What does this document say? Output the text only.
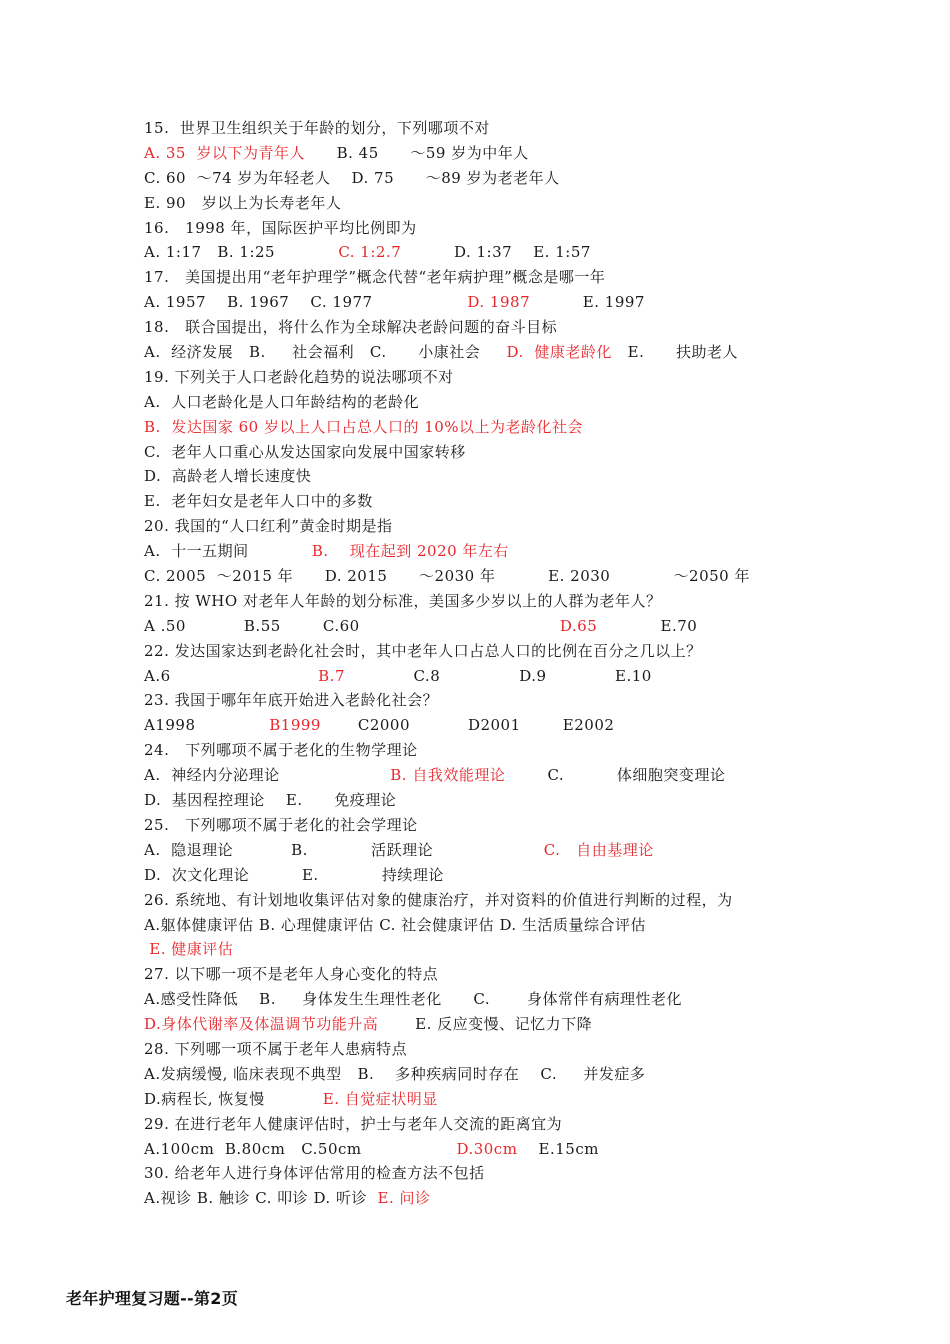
15.  世界卫生组织关于年龄的划分，下列哪项不对
A. 35  岁以下为青年人      B. 45      ～59 岁为中年人
C. 60  ～74 岁为年轻老人    D. 75      ～89 岁为老老年人
E. 90   岁以上为长寿老年人
16.   1998 年，国际医护平均比例即为
A. 1:17   B. 1:25            C. 1:2.7          D. 1:37    E. 1:57
17.   美国提出用“老年护理学”概念代替“老年病护理”概念是哪一年
A. 1957    B. 1967    C. 1977                  D. 1987          E. 1997
18.   联合国提出，将什么作为全球解决老龄问题的奋斗目标
A.  经济发展   B.     社会福利   C.      小康社会     D.  健康老龄化   E.      扶助老人
19. 下列关于人口老龄化趋势的说法哪项不对
A.  人口老龄化是人口年龄结构的老龄化
B.  发达国家 60 岁以上人口占总人口的 10%以上为老龄化社会
C.  老年人口重心从发达国家向发展中国家转移
D.  高龄老人增长速度快
E.  老年妇女是老年人口中的多数
20. 我国的“人口红利”黄金时期是指
A.  十一五期间            B.    现在起到 2020 年左右
C. 2005  ～2015 年      D. 2015      ～2030 年          E. 2030            ～2050 年
21. 按 WHO 对老年人年龄的划分标准，美国多少岁以上的人群为老年人？
A .50           B.55        C.60                                      D.65            E.70
22. 发达国家达到老龄化社会时，其中老年人口占总人口的比例在百分之几以上？
A.6                            B.7             C.8               D.9             E.10
23. 我国于哪年年底开始进入老龄化社会？
A1998              B1999       C2000           D2001        E2002
24.   下列哪项不属于老化的生物学理论
A.  神经内分泌理论                     B. 自我效能理论        C.          体细胞突变理论
D.  基因程控理论    E.      免疫理论
25.   下列哪项不属于老化的社会学理论
A.  隐退理论           B.            活跃理论                     C.   自由基理论
D.  次文化理论          E.            持续理论
26. 系统地、有计划地收集评估对象的健康治疗，并对资料的价值进行判断的过程，为
A.躯体健康评估 B. 心理健康评估 C. 社会健康评估 D. 生活质量综合评估
E. 健康评估
27. 以下哪一项不是老年人身心变化的特点
A.感受性降低    B.     身体发生生理性老化      C.       身体常伴有病理性老化
D.身体代谢率及体温调节功能升高       E. 反应变慢、记忆力下降
28. 下列哪一项不属于老年人患病特点
A.发病缓慢, 临床表现不典型   B.    多种疾病同时存在    C.     并发症多
D.病程长, 恢复慢           E. 自觉症状明显
29. 在进行老年人健康评估时，护士与老年人交流的距离宜为
A.100cm  B.80cm   C.50cm                  D.30cm    E.15cm
30. 给老年人进行身体评估常用的检查方法不包括
A.视诊 B. 触诊 C. 叩诊 D. 听诊  E. 问诊
老年护理复习题--第2页
